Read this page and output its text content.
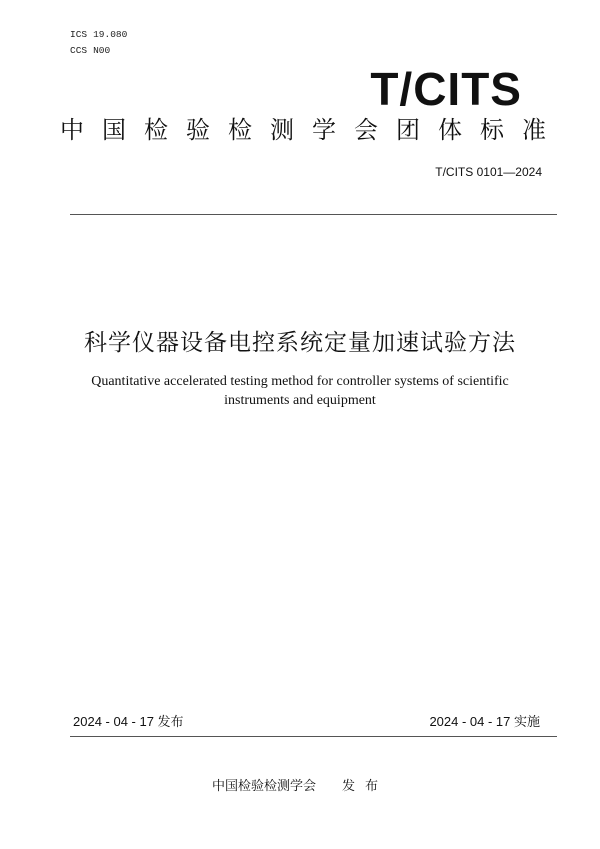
ICS 19.080
CCS N00
T/CITS
中国检验检测学会团体标准
T/CITS 0101—2024
科学仪器设备电控系统定量加速试验方法
Quantitative accelerated testing method for controller systems of scientific
instruments and equipment
2024 - 04 - 17 发布	2024 - 04 - 17 实施
中国检验检测学会 发布
